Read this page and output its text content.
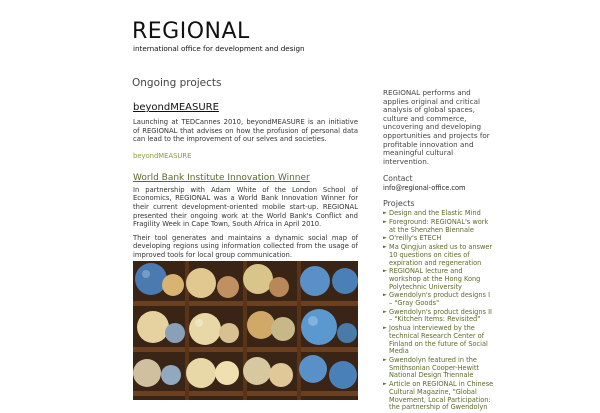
REGIONAL
international office for development and design
Ongoing projects
beyondMEASURE

Launching at TEDCannes 2010, beyondMEASURE is an initiative of REGIONAL that advises on how the profusion of personal data can lead to the improvement of our selves and societies.

beyondMEASURE
World Bank Institute Innovation Winner

In partnership with Adam White of the London School of Economics, REGIONAL was a World Bank Innovation Winner for their current development-oriented mobile start-up. REGIONAL presented their ongoing work at the World Bank's Conflict and Fragility Week in Cape Town, South Africa in April 2010.

Their tool generates and maintains a dynamic social map of developing regions using information collected from the usage of improved tools for local group communication.

REGIONAL performs and applies original and critical analysis of global spaces, culture and commerce, uncovering and developing opportunities and projects for profitable innovation and meaningful cultural intervention.

Contact
info@regional-office.com
Projects
► Design and the Elastic Mind
► Foreground: REGIONAL's work at the Shenzhen Biennale
► O'reilly's ETECH
► Ma Qingjun asked us to answer 10 questions on cities of expiration and regeneration
► REGIONAL lecture and workshop at the Hong Kong Polytechnic University
► Gwendolyn's product designs I – "Gray Goods"
► Gwendolyn's product designs II – "Kitchen Items: Revisited"
► Joshua interviewed by the technical Research Center of Finland on the future of Social Media
► Gwendolyn featured in the Smithsonian Cooper-Hewitt National Design Triennale
► Article on REGIONAL in Chinese Cultural Magazine, "Global Movement, Local Participation: the partnership of Gwendolyn
